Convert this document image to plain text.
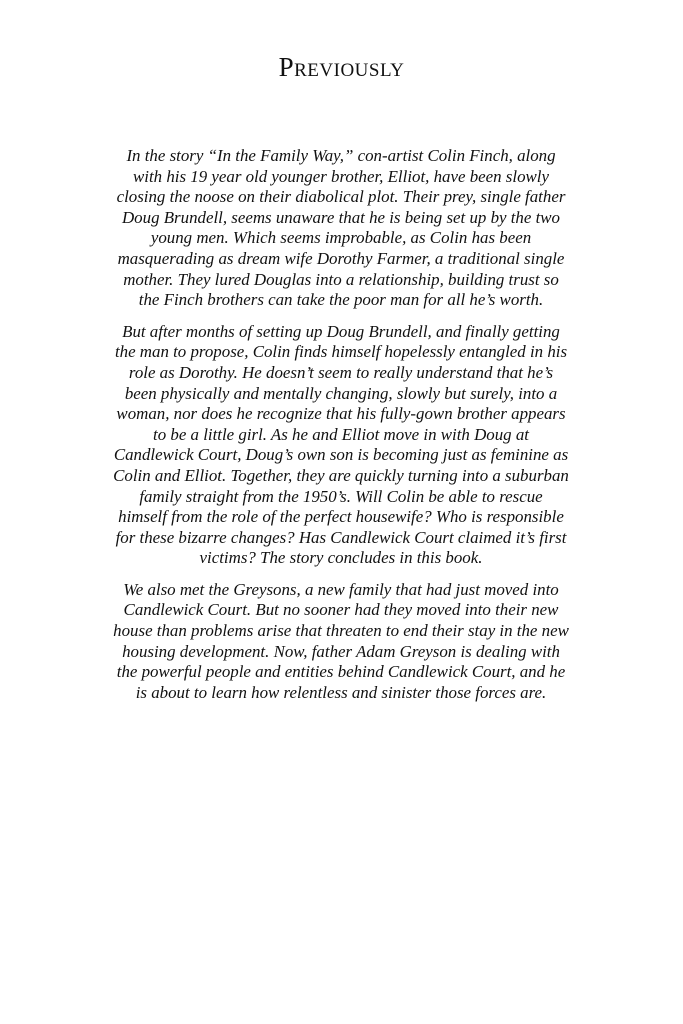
Previously

In the story “In the Family Way,” con-artist Colin Finch, along with his 19 year old younger brother, Elliot, have been slowly closing the noose on their diabolical plot. Their prey, single father Doug Brundell, seems unaware that he is being set up by the two young men. Which seems improbable, as Colin has been masquerading as dream wife Dorothy Farmer, a traditional single mother. They lured Douglas into a relationship, building trust so the Finch brothers can take the poor man for all he’s worth.

But after months of setting up Doug Brundell, and finally getting the man to propose, Colin finds himself hopelessly entangled in his role as Dorothy. He doesn’t seem to really understand that he’s been physically and mentally changing, slowly but surely, into a woman, nor does he recognize that his fully-gown brother appears to be a little girl. As he and Elliot move in with Doug at Candlewick Court, Doug’s own son is becoming just as feminine as Colin and Elliot. Together, they are quickly turning into a suburban family straight from the 1950’s. Will Colin be able to rescue himself from the role of the perfect housewife? Who is responsible for these bizarre changes? Has Candlewick Court claimed it’s first victims? The story concludes in this book.

We also met the Greysons, a new family that had just moved into Candlewick Court. But no sooner had they moved into their new house than problems arise that threaten to end their stay in the new housing development. Now, father Adam Greyson is dealing with the powerful people and entities behind Candlewick Court, and he is about to learn how relentless and sinister those forces are.
